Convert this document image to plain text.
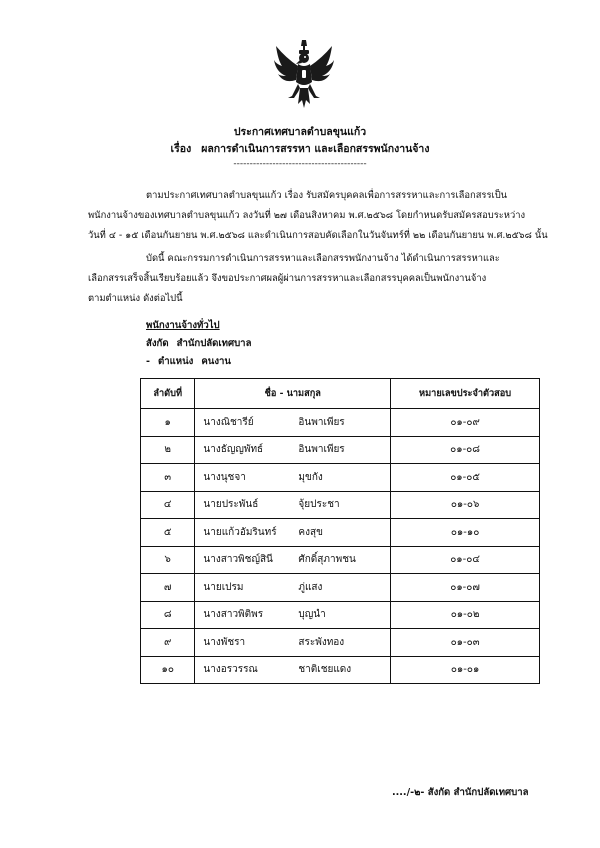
ประกาศเทศบาลตำบลขุนแก้ว
เรื่อง ผลการดำเนินการสรรหา และเลือกสรรพนักงานจ้าง
-----------------------------------------
ตามประกาศเทศบาลตำบลขุนแก้ว เรื่อง รับสมัครบุคคลเพื่อการสรรหาและการเลือกสรรเป็น
พนักงานจ้างของเทศบาลตำบลขุนแก้ว ลงวันที่ ๒๗ เดือนสิงหาคม พ.ศ.๒๕๖๘ โดยกำหนดรับสมัครสอบระหว่าง
วันที่ ๔ - ๑๕ เดือนกันยายน พ.ศ.๒๕๖๘ และดำเนินการสอบคัดเลือกในวันจันทร์ที่ ๒๒ เดือนกันยายน พ.ศ.๒๕๖๘ นั้น
บัดนี้ คณะกรรมการดำเนินการสรรหาและเลือกสรรพนักงานจ้าง ได้ดำเนินการสรรหาและ
เลือกสรรเสร็จสิ้นเรียบร้อยแล้ว จึงขอประกาศผลผู้ผ่านการสรรหาและเลือกสรรบุคคลเป็นพนักงานจ้าง
ตามตำแหน่ง ดังต่อไปนี้
พนักงานจ้างทั่วไป
สังกัด สำนักปลัดเทศบาล
- ตำแหน่ง คนงาน
ลำดับที่	ชื่อ - นามสกุล	หมายเลขประจำตัวสอบ
๑	นางณิชารีย์ อินพาเพียร	๐๑-๐๙
๒	นางธัญญพัทธ์ อินพาเพียร	๐๑-๐๘
๓	นางนุชจา มุขกัง	๐๑-๐๕
๔	นายประพันธ์ จุ้ยประชา	๐๑-๐๖
๕	นายแก้วอัมรินทร์ คงสุข	๐๑-๑๐
๖	นางสาวพิชญ์สินี ศักดิ์สุภาพชน	๐๑-๐๔
๗	นายเปรม ภู่แสง	๐๑-๐๗
๘	นางสาวพิติพร บุญนำ	๐๑-๐๒
๙	นางพัชรา สระพังทอง	๐๑-๐๓
๑๐	นางอรวรรณ ชาติเชยแดง	๐๑-๐๑
..../-๒- สังกัด สำนักปลัดเทศบาล
